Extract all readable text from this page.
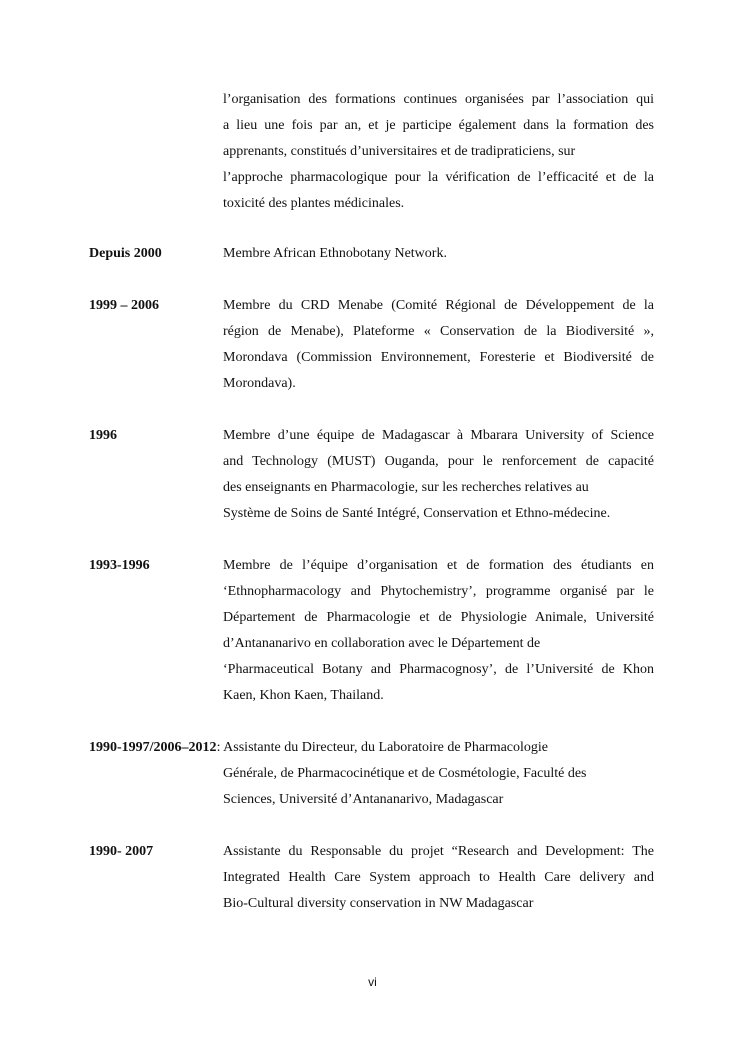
l’organisation des formations continues organisées par l’association qui
a lieu une fois par an, et je participe également dans la formation des
apprenants, constitués d’universitaires et de tradipraticiens, sur
l’approche pharmacologique pour la vérification de l’efficacité et de la
toxicité des plantes médicinales.
Depuis 2000	Membre African Ethnobotany Network.
1999 – 2006	Membre du CRD Menabe (Comité Régional de Développement de la
région de Menabe), Plateforme « Conservation de la Biodiversité »,
Morondava (Commission Environnement, Foresterie et Biodiversité de
Morondava).
1996	Membre d’une équipe de Madagascar à Mbarara University of Science
and Technology (MUST) Ouganda, pour le renforcement de capacité
des enseignants en Pharmacologie, sur les recherches relatives au
Système de Soins de Santé Intégré, Conservation et Ethno-médecine.
1993-1996	Membre de l’équipe d’organisation et de formation des étudiants en
‘Ethnopharmacology and Phytochemistry’, programme organisé par le
Département de Pharmacologie et de Physiologie Animale, Université
d’Antananarivo en collaboration avec le Département de
‘Pharmaceutical Botany and Pharmacognosy’, de l’Université de Khon
Kaen, Khon Kaen, Thailand.
1990-1997/2006–2012: Assistante du Directeur, du Laboratoire de Pharmacologie
Générale, de Pharmacocinétique et de Cosmétologie, Faculté des
Sciences, Université d’Antananarivo, Madagascar
1990- 2007	Assistante du Responsable du projet “Research and Development: The
Integrated Health Care System approach to Health Care delivery and
Bio-Cultural diversity conservation in NW Madagascar
vi
